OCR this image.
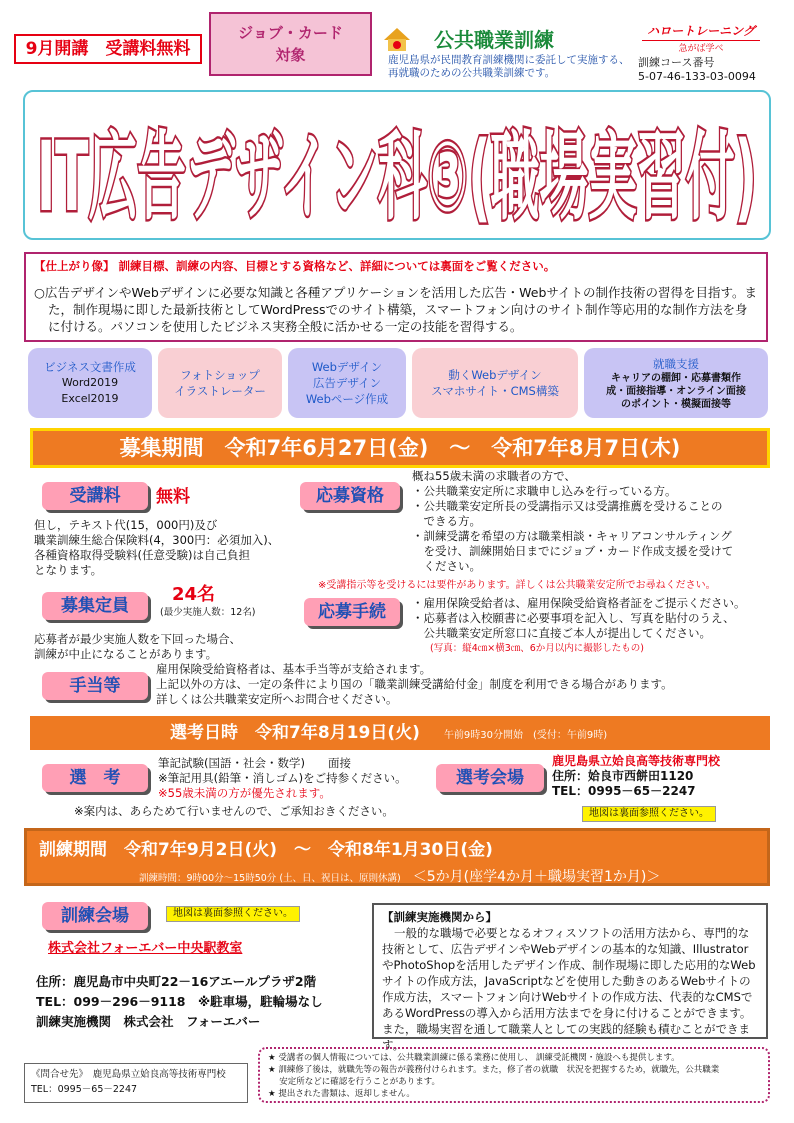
9月開講　受講料無料
ジョブ・カード
対象
公共職業訓練
鹿児島県が民間教育訓練機関に委託して実施する、
再就職のための公共職業訓練です。
ハロートレーニング
急がば学べ
訓練コース番号
5-07-46-133-03-0094
IT広告デザイン科③(職場実習付)
【仕上がり像】 訓練目標、訓練の内容、目標とする資格など、詳細については裏面をご覧ください。
○広告デザインやWebデザインに必要な知識と各種アプリケーションを活用した広告・Webサイトの制作技術の習得を目指す。また，制作現場に即した最新技術としてWordPressでのサイト構築，スマートフォン向けのサイト制作等応用的な制作方法を身に付ける。パソコンを使用したビジネス実務全般に活かせる一定の技能を習得する。
ビジネス文書作成
Word2019
Excel2019
フォトショップ
イラストレーター
Webデザイン
広告デザイン
Webページ作成
動くWebデザイン
スマホサイト・CMS構築
就職支援
キャリアの棚卸・応募書類作
成・面接指導・オンライン面接
のポイント・模擬面接等
募集期間　令和7年6月27日(金)　～　令和7年8月7日(木)
受講料	無料
但し，テキスト代(15，000円)及び
職業訓練生総合保険料(4，300円：必須加入)、
各種資格取得受験料(任意受験)は自己負担
となります。
応募資格
概ね55歳未満の求職者の方で、
・公共職業安定所に求職申し込みを行っている方。
・公共職業安定所長の受講指示又は受講推薦を受けることの
　できる方。
・訓練受講を希望の方は職業相談・キャリアコンサルティング
　を受け、訓練開始日までにジョブ・カード作成支援を受けて
　ください。
※受講指示等を受けるには要件があります。詳しくは公共職業安定所でお尋ねください。
募集定員
24名
(最少実施人数：12名)
応募者が最少実施人数を下回った場合、
訓練が中止になることがあります。
応募手続	・雇用保険受給者は、雇用保険受給資格者証をご提示ください。
・応募者は入校願書に必要事項を記入し、写真を貼付のうえ、
　公共職業安定所窓口に直接ご本人が提出してください。
(写真：縦4㎝×横3㎝、6か月以内に撮影したもの)
手当等
雇用保険受給資格者は、基本手当等が支給されます。
上記以外の方は、一定の条件により国の「職業訓練受講給付金」制度を利用できる場合があります。
詳しくは公共職業安定所へお問合せください。
選考日時　令和7年8月19日(火) 午前9時30分開始　(受付：午前9時)
選　考
筆記試験(国語・社会・数学)　　面接
※筆記用具(鉛筆・消しゴム)をご持参ください。
※55歳未満の方が優先されます。
※案内は、あらためて行いませんので、ご承知おきください。
選考会場
鹿児島県立姶良高等技術専門校
住所：姶良市西餅田1120
TEL：0995－65－2247
地図は裏面参照ください。
訓練期間　令和7年9月2日(火)　～　令和8年1月30日(金)
訓練時間：9時00分～15時50分 (土、日、祝日は、原則休講) ＜5か月(座学4か月＋職場実習1か月)＞
訓練会場	地図は裏面参照ください。
株式会社フォーエバー中央駅教室
住所：鹿児島市中央町22－16アエールプラザ2階
TEL：099－296－9118　※駐車場，駐輪場なし
訓練実施機関　株式会社　フォーエバー
【訓練実施機関から】
一般的な職場で必要となるオフィスソフトの活用方法から、専門的な技術として、広告デザインやWebデザインの基本的な知識、IllustratorやPhotoShopを活用したデザイン作成、制作現場に即した応用的なWebサイトの作成方法，JavaScriptなどを使用した動きのあるWebサイトの作成方法，スマートフォン向けWebサイトの作成方法、代表的なCMSであるWordPressの導入から活用方法までを身に付けることができます。また，職場実習を通して職業人としての実践的経験も積むことができます。
《問合せ先》　鹿児島県立姶良高等技術専門校
TEL：0995－65－2247
★ 受講者の個人情報については、公共職業訓練に係る業務に使用し、 訓練受託機関・施設へも提供します。
★ 訓練修了後は，就職先等の報告が義務付けられます。また，修了者の就職　状況を把握するため，就職先，公共職業
　 安定所などに確認を行うことがあります。
★ 提出された書類は、返却しません。
